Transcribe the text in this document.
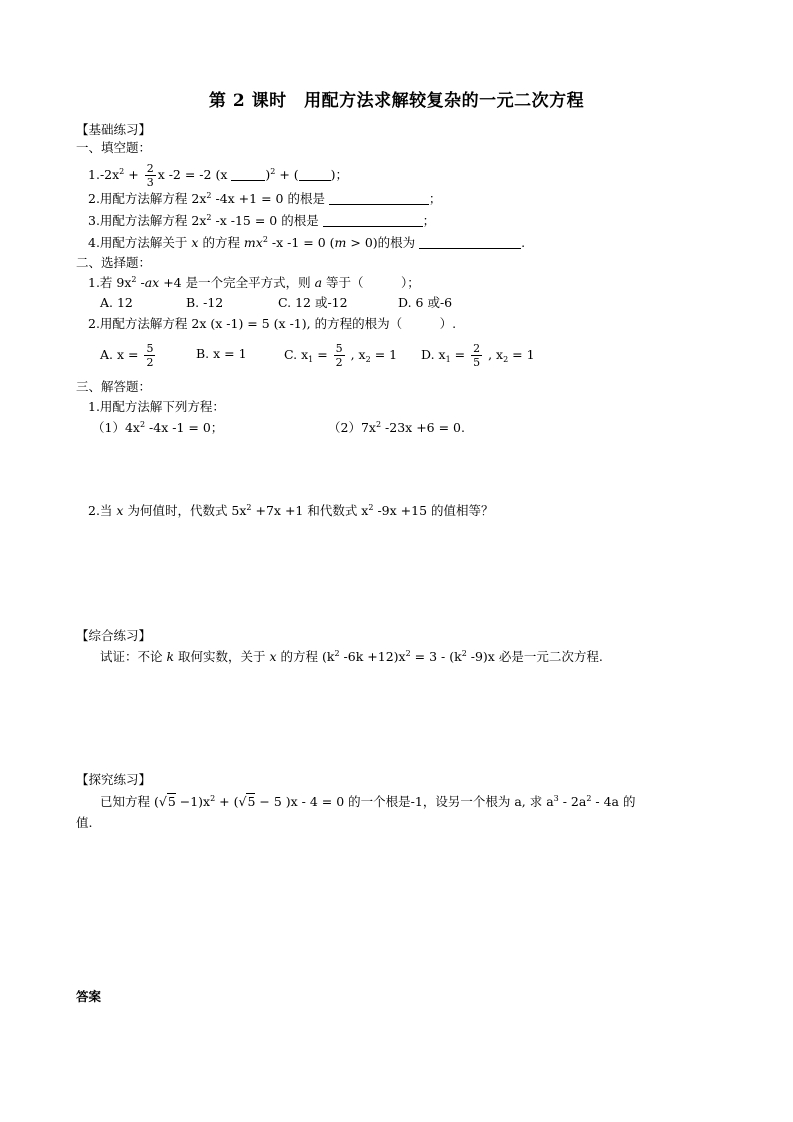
第 2 课时　用配方法求解较复杂的一元二次方程
【基础练习】
一、填空题：
$1.-2x^2 + \frac{2}{3}$ x -2 = -2 (x	)$^2$ + (	)；
2.用配方法解方程 $2x^2$ -4x +1 = 0 的根是	；
3.用配方法解方程 $2x^2$ -x -15 = 0 的根是	；
4.用配方法解关于 x 的方程 $mx^2$ -x -1 = 0 (m > 0)的根为	.
二、选择题：
1.若 $9x^2$ -ax +4 是一个完全平方式，则 a 等于（　　　）；
A. 12	B. -12	C. 12 或-12	D. 6 或-6
2.用配方法解方程 2x (x -1) = 5 (x -1), 的方程的根为（　　　）.
A. $x = \frac{5}{2}$	B. x = 1	C. $x_1 = \frac{5}{2}$ , $x_2 = 1$ D. $x_1 = \frac{2}{5}$ , $x_2 = 1$
三、解答题：
1.用配方法解下列方程：
$(1)4x^2$ -4x -1 = 0；	$(2)7x^2$ -23x +6 = 0.
2.当 x 为何值时，代数式 $5x^2 +7x +1$ 和代数式 $x^2$ -9x +15 的值相等？
【综合练习】
试证：不论 k 取何实数，关于 x 的方程 ($k^2$ $-6k +12)x^2 = 3 - (k^2$ -9)x 必是一元二次方程.
【探究练习】
已知方程 $(√5 -1)x^2 + (√5 - 5$ )x - 4 = 0 的一个根是-1，设另一个根为 a, 求 $a^3 - 2a^2 - 4a$ 的
值.
答案
